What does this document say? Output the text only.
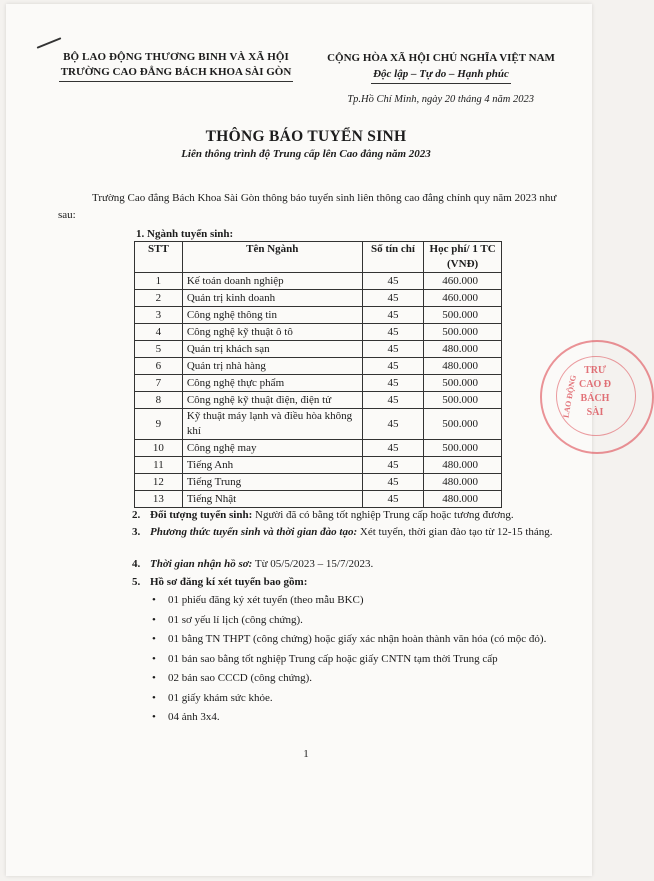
BỘ LAO ĐỘNG THƯƠNG BINH VÀ XÃ HỘI
TRƯỜNG CAO ĐẲNG BÁCH KHOA SÀI GÒN
CỘNG HÒA XÃ HỘI CHỦ NGHĨA VIỆT NAM
Độc lập – Tự do – Hạnh phúc
Tp.Hồ Chí Minh, ngày 20 tháng 4 năm 2023
THÔNG BÁO TUYỂN SINH
Liên thông trình độ Trung cấp lên Cao đẳng năm 2023
Trường Cao đẳng Bách Khoa Sài Gòn thông báo tuyển sinh liên thông cao đẳng chính quy năm 2023 như sau:
1. Ngành tuyển sinh:
STT	Tên Ngành	Số tín chỉ	Học phí/ 1 TC (VNĐ)
1	Kế toán doanh nghiệp	45	460.000
2	Quản trị kinh doanh	45	460.000
3	Công nghệ thông tin	45	500.000
4	Công nghệ kỹ thuật ô tô	45	500.000
5	Quản trị khách sạn	45	480.000
6	Quản trị nhà hàng	45	480.000
7	Công nghệ thực phẩm	45	500.000
8	Công nghệ kỹ thuật điện, điện tử	45	500.000
9	Kỹ thuật máy lạnh và điều hòa không khí	45	500.000
10	Công nghệ may	45	500.000
11	Tiếng Anh	45	480.000
12	Tiếng Trung	45	480.000
13	Tiếng Nhật	45	480.000
2. Đối tượng tuyển sinh: Người đã có bằng tốt nghiệp Trung cấp hoặc tương đương.
3. Phương thức tuyển sinh và thời gian đào tạo: Xét tuyển, thời gian đào tạo từ 12-15 tháng.
4. Thời gian nhận hồ sơ: Từ 05/5/2023 – 15/7/2023.
5. Hồ sơ đăng kí xét tuyển bao gồm:
• 01 phiếu đăng ký xét tuyển (theo mẫu BKC)
• 01 sơ yếu lí lịch (công chứng).
• 01 bằng TN THPT (công chứng) hoặc giấy xác nhận hoàn thành văn hóa (có mộc đỏ).
• 01 bản sao bằng tốt nghiệp Trung cấp hoặc giấy CNTN tạm thời Trung cấp
• 02 bản sao CCCD (công chứng).
• 01 giấy khám sức khỏe.
• 04 ảnh 3x4.
1
LAO ĐỘNG
TRƯ
CAO Đ
BÁCH
SÀI
